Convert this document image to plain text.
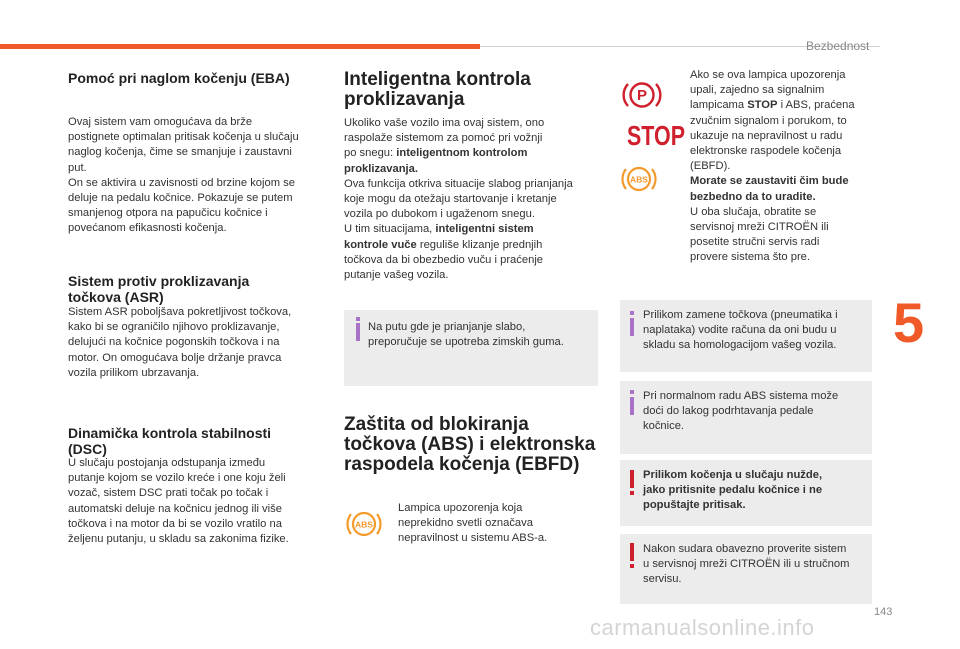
Bezbednost
5
143
carmanualsonline.info
Pomoć pri naglom kočenju (EBA)
Ovaj sistem vam omogućava da brže
postignete optimalan pritisak kočenja u slučaju
naglog kočenja, čime se smanjuje i zaustavni
put.
On se aktivira u zavisnosti od brzine kojom se
deluje na pedalu kočnice. Pokazuje se putem
smanjenog otpora na papučicu kočnice i
povećanom efikasnosti kočenja.
Sistem protiv proklizavanja
točkova (ASR)
Sistem ASR poboljšava pokretljivost točkova,
kako bi se ograničilo njihovo proklizavanje,
delujući na kočnice pogonskih točkova i na
motor. On omogućava bolje držanje pravca
vozila prilikom ubrzavanja.
Dinamička kontrola stabilnosti
(DSC)
U slučaju postojanja odstupanja između
putanje kojom se vozilo kreće i one koju želi
vozač, sistem DSC prati točak po točak i
automatski deluje na kočnicu jednog ili više
točkova i na motor da bi se vozilo vratilo na
željenu putanju, u skladu sa zakonima fizike.
Inteligentna kontrola
proklizavanja
Ukoliko vaše vozilo ima ovaj sistem, ono
raspolaže sistemom za pomoć pri vožnji
po snegu: inteligentnom kontrolom
proklizavanja.
Ova funkcija otkriva situacije slabog prianjanja
koje mogu da otežaju startovanje i kretanje
vozila po dubokom i ugaženom snegu.
U tim situacijama, inteligentni sistem
kontrole vuče reguliše klizanje prednjih
točkova da bi obezbedio vuču i praćenje
putanje vašeg vozila.
Na putu gde je prianjanje slabo,
preporučuje se upotreba zimskih guma.
Zaštita od blokiranja
točkova (ABS) i elektronska
raspodela kočenja (EBFD)
ABS
Lampica upozorenja koja
neprekidno svetli označava
nepravilnost u sistemu ABS-a.
P
STOP
ABS
Ako se ova lampica upozorenja
upali, zajedno sa signalnim
lampicama STOP i ABS, praćena
zvučnim signalom i porukom, to
ukazuje na nepravilnost u radu
elektronske raspodele kočenja
(EBFD).
Morate se zaustaviti čim bude
bezbedno da to uradite.
U oba slučaja, obratite se
servisnoj mreži CITROËN ili
posetite stručni servis radi
provere sistema što pre.
Prilikom zamene točkova (pneumatika i
naplataka) vodite računa da oni budu u
skladu sa homologacijom vašeg vozila.
Pri normalnom radu ABS sistema može
doći do lakog podrhtavanja pedale
kočnice.
Prilikom kočenja u slučaju nužde,
jako pritisnite pedalu kočnice i ne
popuštajte pritisak.
Nakon sudara obavezno proverite sistem
u servisnoj mreži CITROËN ili u stručnom
servisu.
